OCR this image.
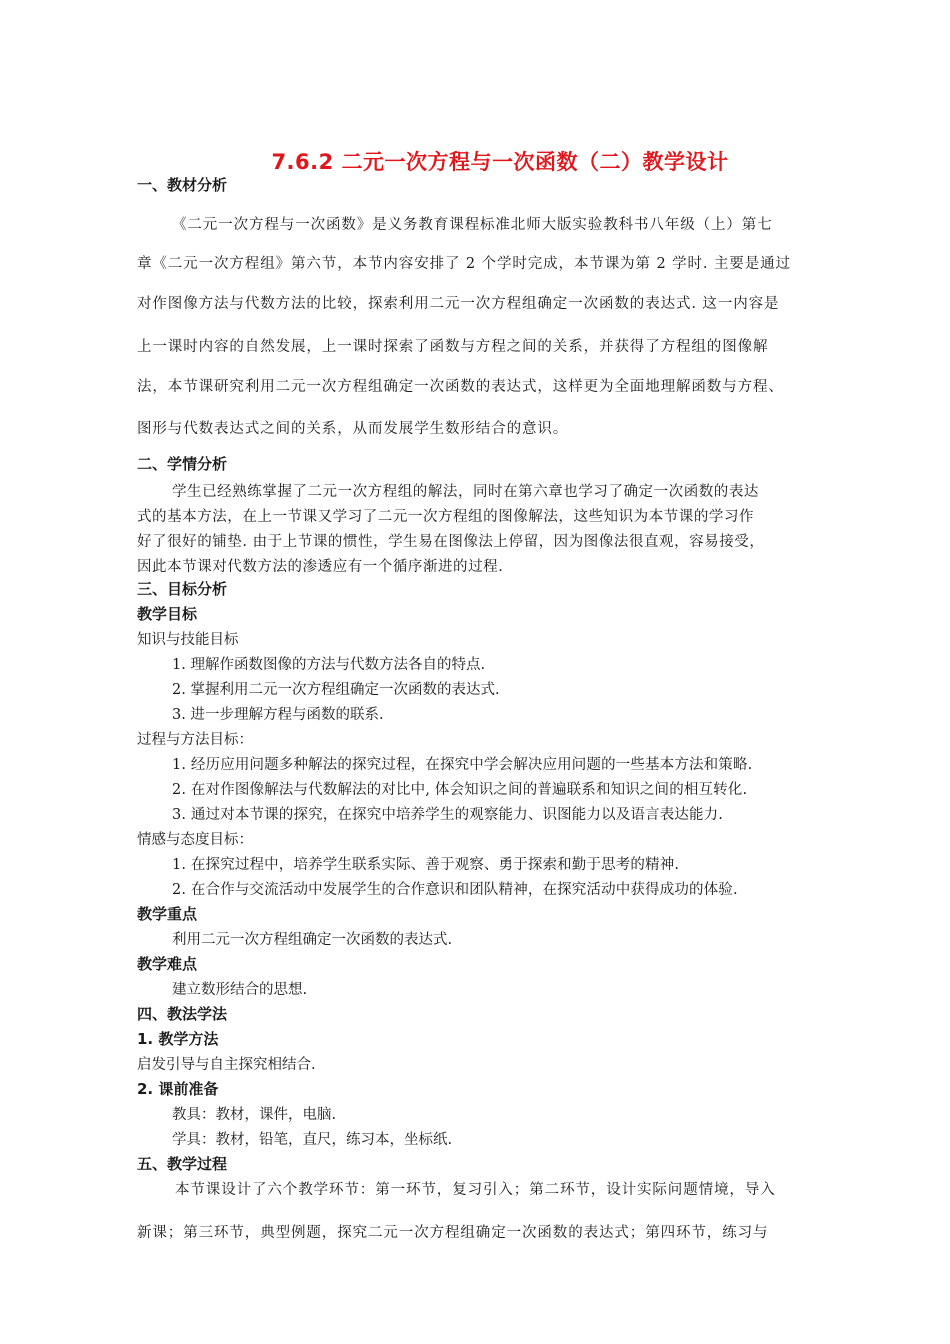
7.6.2 二元一次方程与一次函数（二）教学设计
一、教材分析
《二元一次方程与一次函数》是义务教育课程标准北师大版实验教科书八年级（上）第七
章《二元一次方程组》第六节，本节内容安排了 2 个学时完成，本节课为第 2 学时. 主要是通过
对作图像方法与代数方法的比较，探索利用二元一次方程组确定一次函数的表达式. 这一内容是
上一课时内容的自然发展，上一课时探索了函数与方程之间的关系，并获得了方程组的图像解
法，本节课研究利用二元一次方程组确定一次函数的表达式，这样更为全面地理解函数与方程、
图形与代数表达式之间的关系，从而发展学生数形结合的意识。
二、学情分析
学生已经熟练掌握了二元一次方程组的解法，同时在第六章也学习了确定一次函数的表达
式的基本方法，在上一节课又学习了二元一次方程组的图像解法，这些知识为本节课的学习作
好了很好的铺垫. 由于上节课的惯性，学生易在图像法上停留，因为图像法很直观，容易接受，
因此本节课对代数方法的渗透应有一个循序渐进的过程.
三、目标分析
教学目标
知识与技能目标
1. 理解作函数图像的方法与代数方法各自的特点.
2. 掌握利用二元一次方程组确定一次函数的表达式.
3. 进一步理解方程与函数的联系.
过程与方法目标：
1. 经历应用问题多种解法的探究过程，在探究中学会解决应用问题的一些基本方法和策略.
2. 在对作图像解法与代数解法的对比中, 体会知识之间的普遍联系和知识之间的相互转化.
3. 通过对本节课的探究，在探究中培养学生的观察能力、识图能力以及语言表达能力.
情感与态度目标：
1. 在探究过程中，培养学生联系实际、善于观察、勇于探索和勤于思考的精神.
2. 在合作与交流活动中发展学生的合作意识和团队精神，在探究活动中获得成功的体验.
教学重点
利用二元一次方程组确定一次函数的表达式.
教学难点
建立数形结合的思想.
四、教法学法
1. 教学方法
启发引导与自主探究相结合.
2. 课前准备
教具：教材，课件，电脑.
学具：教材，铅笔，直尺，练习本，坐标纸.
五、教学过程
本节课设计了六个教学环节：第一环节，复习引入；第二环节，设计实际问题情境，导入
新课；第三环节，典型例题，探究二元一次方程组确定一次函数的表达式；第四环节，练习与
